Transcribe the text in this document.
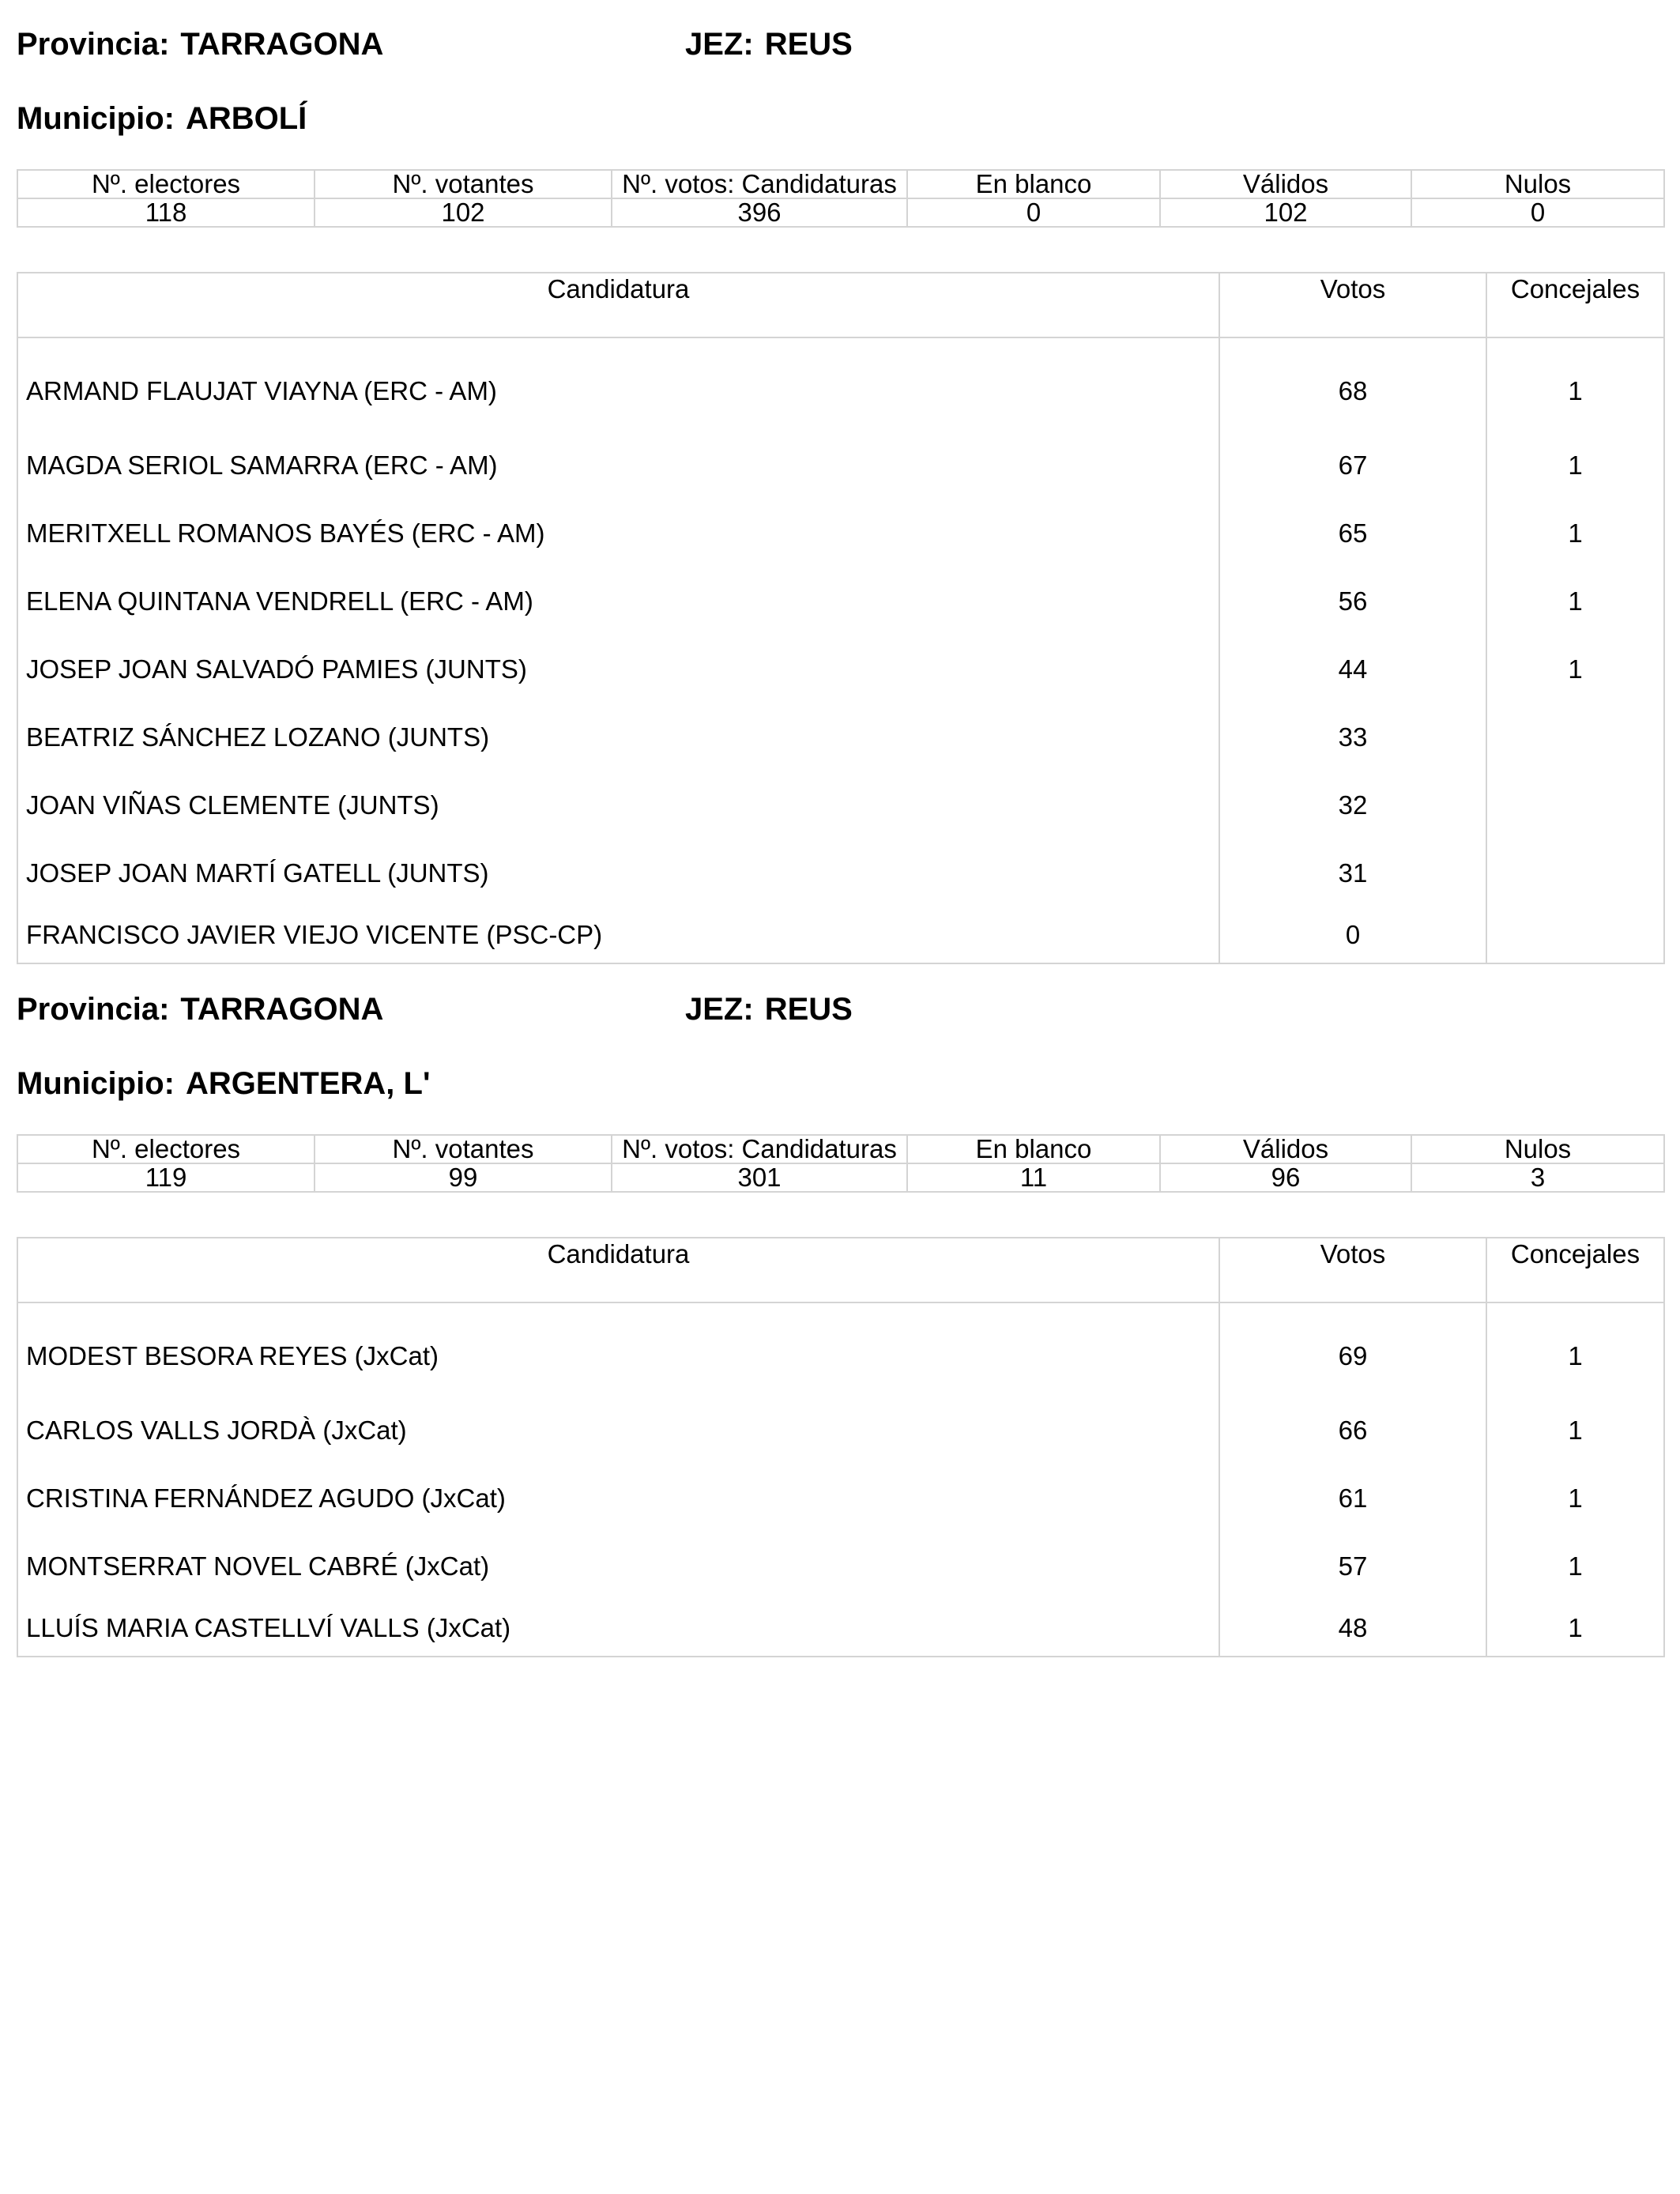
Provincia: TARRAGONA	JEZ: REUS
Municipio: ARBOLÍ
Nº. electores	Nº. votantes	Nº. votos: Candidaturas	En blanco	Válidos	Nulos
118	102	396	0	102	0
Candidatura	Votos	Concejales
ARMAND FLAUJAT VIAYNA (ERC - AM)	68	1
MAGDA SERIOL SAMARRA (ERC - AM)	67	1
MERITXELL ROMANOS BAYÉS (ERC - AM)	65	1
ELENA QUINTANA VENDRELL (ERC - AM)	56	1
JOSEP JOAN SALVADÓ PAMIES (JUNTS)	44	1
BEATRIZ SÁNCHEZ LOZANO (JUNTS)	33	
JOAN VIÑAS CLEMENTE (JUNTS)	32	
JOSEP JOAN MARTÍ GATELL (JUNTS)	31	
FRANCISCO JAVIER VIEJO VICENTE (PSC-CP)	0	
Provincia: TARRAGONA	JEZ: REUS
Municipio: ARGENTERA, L'
Nº. electores	Nº. votantes	Nº. votos: Candidaturas	En blanco	Válidos	Nulos
119	99	301	11	96	3
Candidatura	Votos	Concejales
MODEST BESORA REYES (JxCat)	69	1
CARLOS VALLS JORDÀ (JxCat)	66	1
CRISTINA FERNÁNDEZ AGUDO (JxCat)	61	1
MONTSERRAT NOVEL CABRÉ (JxCat)	57	1
LLUÍS MARIA CASTELLVÍ VALLS (JxCat)	48	1
